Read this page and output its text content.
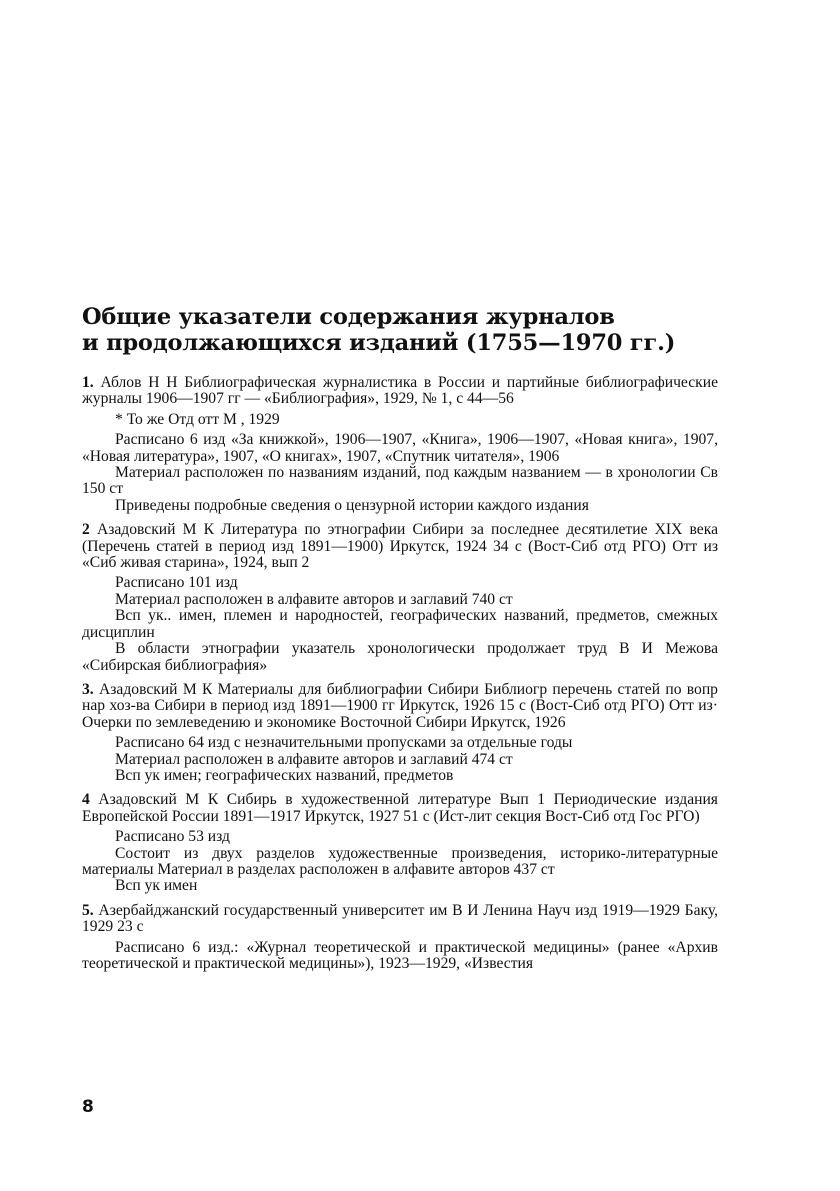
Общие указатели содержания журналов
и продолжающихся изданий (1755—1970 гг.)

1. Аблов Н Н Библиографическая журналистика в России и партийные библиографические журналы 1906—1907 гг — «Библиография», 1929, № 1, с 44—56

* То же Отд отт М , 1929

Расписано 6 изд «За книжкой», 1906—1907, «Книга», 1906—1907, «Новая книга», 1907, «Новая литература», 1907, «О книгах», 1907, «Спутник читателя», 1906

Материал расположен по названиям изданий, под каждым названием — в хронологии Св 150 ст

Приведены подробные сведения о цензурной истории каждого издания

2 Азадовский М К Литература по этнографии Сибири за последнее десятилетие XIX века (Перечень статей в период изд 1891—1900) Иркутск, 1924 34 с (Вост-Сиб отд РГО) Отт из «Сиб живая старина», 1924, вып 2

Расписано 101 изд

Материал расположен в алфавите авторов и заглавий 740 ст

Всп ук.. имен, племен и народностей, географических названий, предметов, смежных дисциплин

В области этнографии указатель хронологически продолжает труд В И Межова «Сибирская библиография»

3. Азадовский М К Материалы для библиографии Сибири Библиогр перечень статей по вопр нар хоз-ва Сибири в период изд 1891—1900 гг Иркутск, 1926 15 с (Вост-Сиб отд РГО) Отт из· Очерки по землеведению и экономике Восточной Сибири Иркутск, 1926

Расписано 64 изд с незначительными пропусками за отдельные годы

Материал расположен в алфавите авторов и заглавий 474 ст

Всп ук имен; географических названий, предметов

4 Азадовский М К Сибирь в художественной литературе Вып 1 Периодические издания Европейской России 1891—1917 Иркутск, 1927 51 с (Ист-лит секция Вост-Сиб отд Гос РГО)

Расписано 53 изд

Состоит из двух разделов художественные произведения, историко-литературные материалы Материал в разделах расположен в алфавите авторов 437 ст

Всп ук имен

5. Азербайджанский государственный университет им В И Ленина Науч изд 1919—1929 Баку, 1929 23 с

Расписано 6 изд.: «Журнал теоретической и практической медицины» (ранее «Архив теоретической и практической медицины»), 1923—1929, «Известия

8
